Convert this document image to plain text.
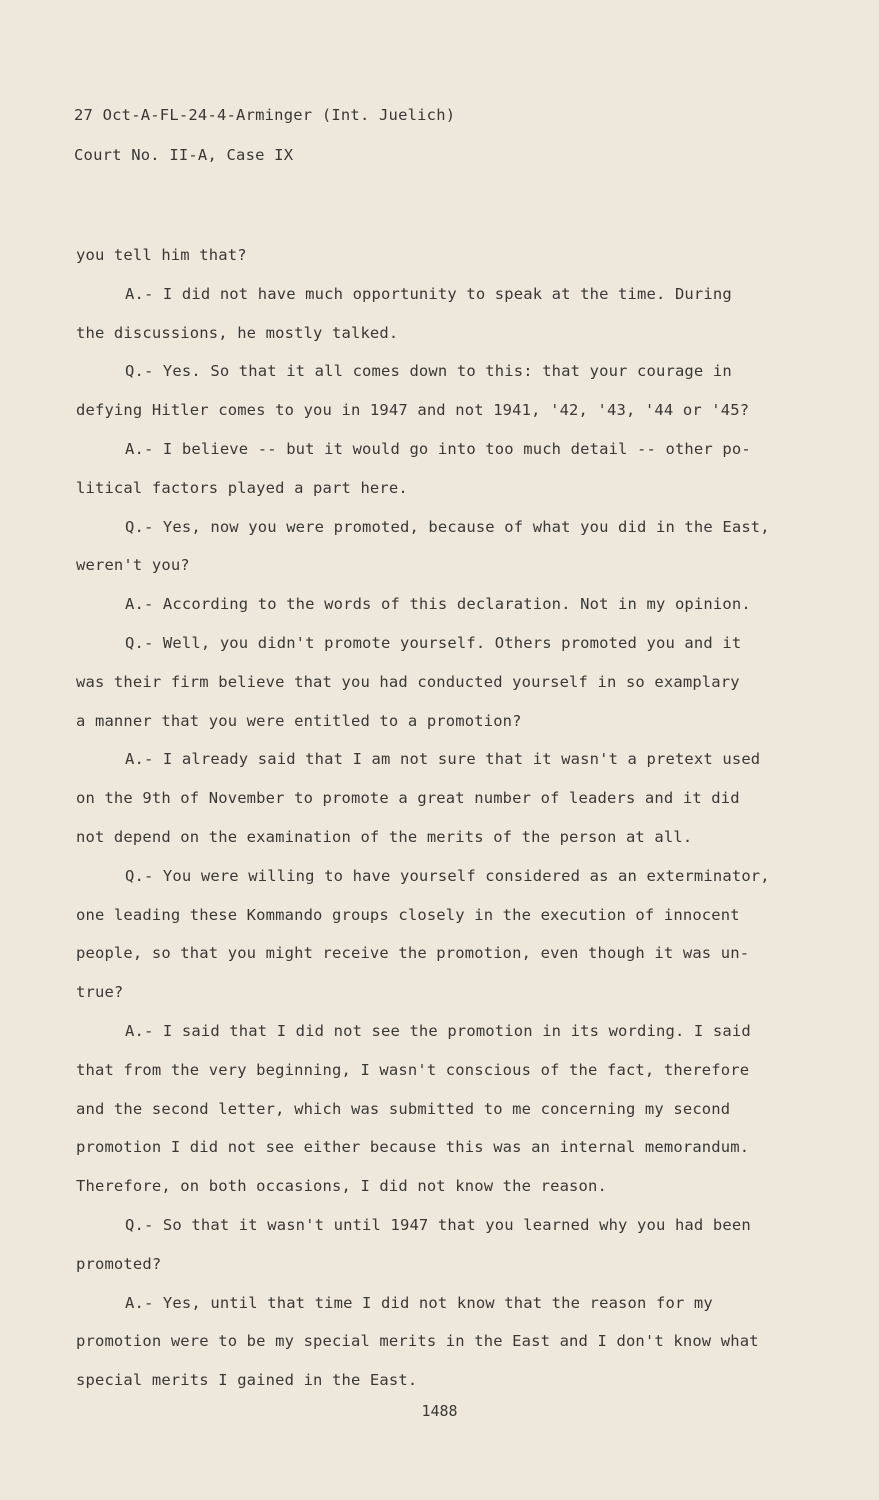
27 Oct-A-FL-24-4-Arminger (Int. Juelich)
Court No. II-A, Case IX
you tell him that?
A.- I did not have much opportunity to speak at the time. During
the discussions, he mostly talked.
Q.- Yes. So that it all comes down to this: that your courage in
defying Hitler comes to you in 1947 and not 1941, '42, '43, '44 or '45?
A.- I believe -- but it would go into too much detail -- other po-
litical factors played a part here.
Q.- Yes, now you were promoted, because of what you did in the East,
weren't you?
A.- According to the words of this declaration. Not in my opinion.
Q.- Well, you didn't promote yourself. Others promoted you and it
was their firm believe that you had conducted yourself in so examplary
a manner that you were entitled to a promotion?
A.- I already said that I am not sure that it wasn't a pretext used
on the 9th of November to promote a great number of leaders and it did
not depend on the examination of the merits of the person at all.
Q.- You were willing to have yourself considered as an exterminator,
one leading these Kommando groups closely in the execution of innocent
people, so that you might receive the promotion, even though it was un-
true?
A.- I said that I did not see the promotion in its wording. I said
that from the very beginning, I wasn't conscious of the fact, therefore
and the second letter, which was submitted to me concerning my second
promotion I did not see either because this was an internal memorandum.
Therefore, on both occasions, I did not know the reason.
Q.- So that it wasn't until 1947 that you learned why you had been
promoted?
A.- Yes, until that time I did not know that the reason for my
promotion were to be my special merits in the East and I don't know what
special merits I gained in the East.
1488
